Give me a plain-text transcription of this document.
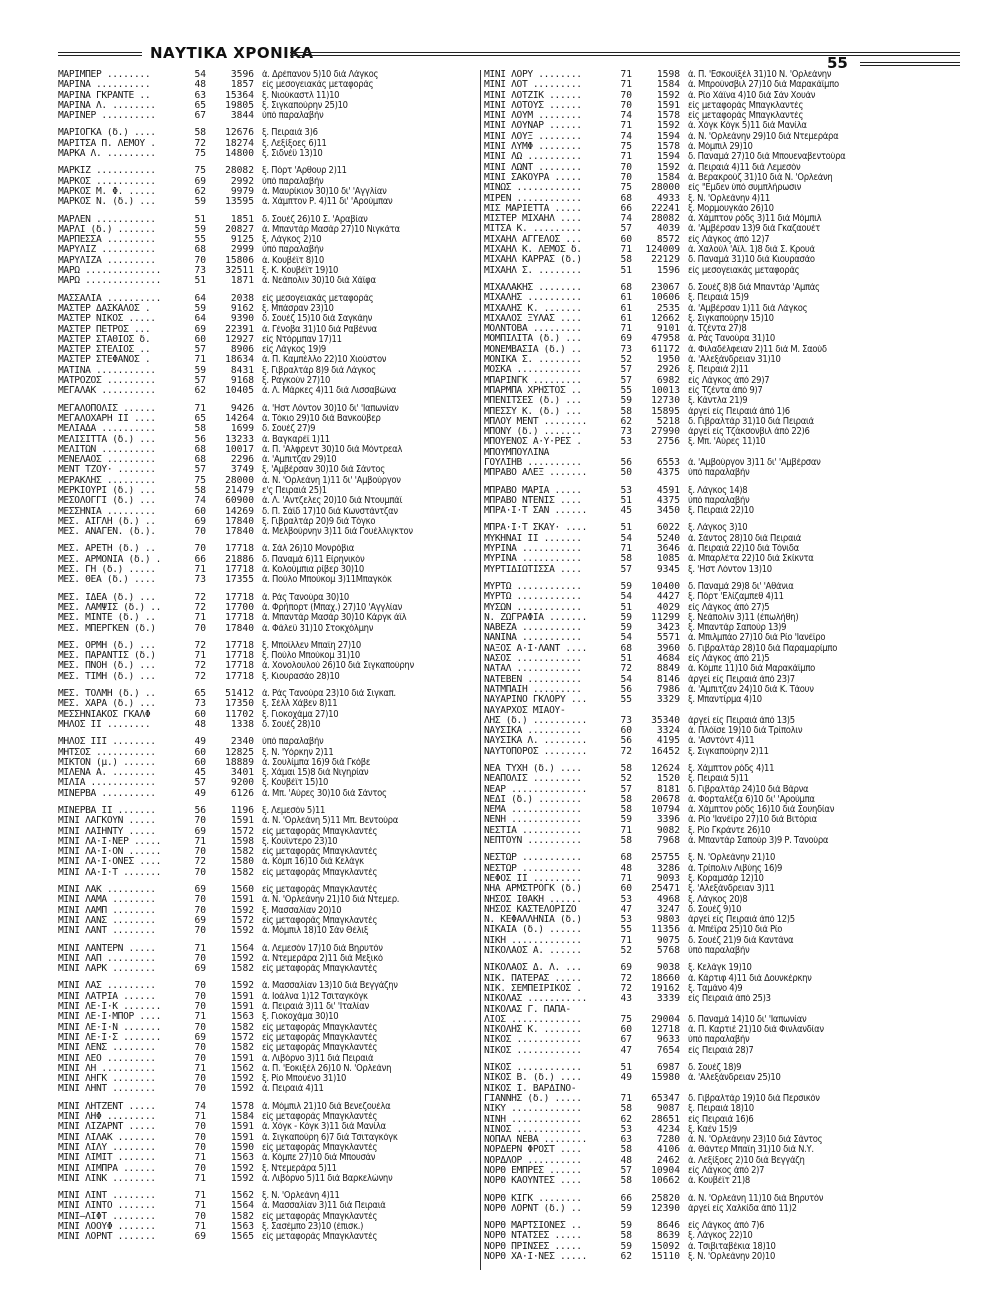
ΝΑΥΤΙΚΑ ΧΡΟΝΙΚΑ
55
ΜΑΡΙΜΠΕΡ ........	54	3596 ά. Δρέπανον 5)10 διά Λάγκος
ΜΑΡΙΝΑ ..........	48	1857 είς μεσογειακάς μεταφοράς
ΜΑΡΙΝΑ ΓΚΡΑΝΤΕ ..	63	15364 ξ. Νιούκαστλ 11)10
ΜΑΡΙΝΑ Λ. ........	65	19805 ξ. Σιγκαπούρην 25)10
ΜΑΡΙΝΕΡ ..........	67	3844 ύπό παραλαβήν
ΜΑΡΙΟΓΚΑ (δ.) ....	58	12676 ξ. Πειραιά 3)6
ΜΑΡΙΤΣΑ Π. ΛΕΜΟΥ .	72	18274 ξ. Λεξίξοες 6)11
ΜΑΡΚΑ Λ. .........	75	14800 ξ. Σιδνέϋ 13)10
ΜΑΡΚΙΖ ...........	75	28082 ξ. Πόρτ 'Αρθουρ 2)11
ΜΑΡΚΟΣ ...........	69	2992 ύπό παραλαβήν
ΜΑΡΚΟΣ Μ. Φ. .....	62	9979 ά. Μαυρίκιον 30)10 δι' 'Αγγλίαν
ΜΑΡΚΟΣ Ν. (δ.) ...	59	13595 ά. Χάμπτον Ρ. 4)11 δι' 'Αρούμπαν
ΜΑΡΛΕΝ ...........	51	1851 δ. Σουέζ 26)10 Σ. 'Αραβίαν
ΜΑΡΛΙ (δ.) .......	59	20827 ά. Μπαντάρ Μασάρ 27)10 Νιγκάτα
ΜΑΡΠΕΣΣΑ .........	55	9125 ξ. Λάγκος 2)10
ΜΑΡΥΛΙΖ ..........	68	2999 ύπό παραλαβήν
ΜΑΡΥΛΙΖΑ .........	70	15806 ά. Κουβέϊτ 8)10
ΜΑΡΩ ..............	73	32511 ξ. Κ. Κουβέϊτ 19)10
ΜΑΡΩ ..............	51	1871 ά. Νεάπολιν 30)10 διά Χάϊφα
ΜΑΣΣΑΛΙΑ ..........	64	2038 είς μεσογειακάς μεταφοράς
ΜΑΣΤΕΡ ΔΑΣΚΑΛΟΣ .	59	9162 ξ. Μπάσραν 23)10
ΜΑΣΤΕΡ ΝΙΚΟΣ .....	64	9390 δ. Σουέζ 15)10 διά Σαγκάην
ΜΑΣΤΕΡ ΠΕΤΡΟΣ ...	69	22391 ά. Γένοβα 31)10 διά Ραβέννα
ΜΑΣΤΕΡ ΣΤΑΘΙΟΣ δ.	60	12927 είς Ντόρμπαν 17)11
ΜΑΣΤΕΡ ΣΤΕΛΙΟΣ ..	57	8906 είς Λάγκος 19)9
ΜΑΣΤΕΡ ΣΤΕΦΑΝΟΣ .	71	18634 ά. Π. Καμπέλλο 22)10 Χιούστον
ΜΑΤΙΝΑ ...........	59	8431 ξ. Γιβραλτάρ 8)9 διά Λάγκος
ΜΑΤΡΟΖΟΣ .........	57	9168 ξ. Ραγκούν 27)10
ΜΕΓΑΛΑΚ ..........	62	10405 ά. Λ. Μάρκες 4)11 διά Λισσαβώνα
ΜΕΓΑΛΟΠΟΛΙΣ ......	71	9426 ά. 'Ηστ Λόντον 30)10 δι' 'Ιαπωνίαν
ΜΕΓΑΛΟΧΑΡΗ ΙΙ ....	65	14264 ά. Τόκιο 29)10 διά Βανκούβερ
ΜΕΛΙΑΔΑ ..........	58	1699 δ. Σουέζ 27)9
ΜΕΛΙΣΙΤΤΑ (δ.) ...	56	13233 ά. Βαγκαρέϊ 1)11
ΜΕΛΙΤΩΝ ..........	68	10017 ά. Π. 'Αλφρεντ 30)10 διά Μόντρεαλ
ΜΕΝΕΛΑΟΣ .........	68	2296 ά. 'Αμπιτζαν 29)10
ΜΕΝΤ ΤΖΟΥ· .......	57	3749 ξ. 'Αμβέρσαν 30)10 διά Σάντος
ΜΕΡΑΚΛΗΣ .........	75	28000 ά. Ν. 'Ορλεάνη 1)11 δι' 'Αμβούργον
ΜΕΡΚΙΟΥΡΙ (δ.) ...	58	21479 ε'ς Πειραιά 25)1
ΜΕΣΟΛΟΓΓΙ (δ.) ...	74	60900 ά. Λ. 'Αντζελες 20)10 διά Ντουμπάϊ
ΜΕΣΣΗΝΙΑ .........	60	14269 δ. Π. Σάϊδ 17)10 διά Κωνστάντζαν
ΜΕΣ. ΑΙΓΛΗ (δ.) ..	69	17840 ξ. Γιβραλτάρ 20)9 διά Τόγκο
ΜΕΣ. ΑΝΑΓΕΝ. (δ.).	70	17840 ά. Μελβούρνην 3)11 διά Γουέλλιγκτον
ΜΕΣ. ΑΡΕΤΗ (δ.) ..	70	17718 ά. Σάλ 26)10 Μονρόβια
ΜΕΣ. ΑΡΜΟΝΙΑ (δ.) .	66	21886 δ. Παναμά 6)11 Είρηνικόν
ΜΕΣ. ΓΗ (δ.) .....	71	17718 ά. Κολούμπια ρίβερ 30)10
ΜΕΣ. ΘΕΑ (δ.) ....	73	17355 ά. Πούλο Μπούκομ 3)11Μπαγκόκ
ΜΕΣ. ΙΔΕΑ (δ.) ...	72	17718 ά. Ράς Τανούρα 30)10
ΜΕΣ. ΛΑΜΨΙΣ (δ.) ..	72	17700 ά. Φρήπορτ (Μπαχ.) 27)10 'Αγγλίαν
ΜΕΣ. ΜΙΝΤΕ (δ.) ..	71	17718 ά. Μπαντάρ Μασάρ 30)10 Κάργκ άϊλ
ΜΕΣ. ΜΠΕΡΓΚΕΝ (δ.)	70	17840 ά. Φάλεϋ 31)10 Στοκχόλμην
ΜΕΣ. ΟΡΜΗ (δ.) ...	72	17718 ξ. Μποΐλλεν Μπαϊη 27)10
ΜΕΣ. ΠΑΡΑΝΤΙΣ (δ.)	71	17718 ξ. Πούλο Μπούκομ 31)10
ΜΕΣ. ΠΝΟΗ (δ.) ...	72	17718 ά. Χονολουλού 26)10 διά Σιγκαπούρην
ΜΕΣ. ΤΙΜΗ (δ.) ...	72	17718 ξ. Κιουρασάο 28)10
ΜΕΣ. ΤΟΛΜΗ (δ.) ..	65	51412 ά. Ράς Τανούρα 23)10 διά Σιγκαπ.
ΜΕΣ. ΧΑΡΑ (δ.) ...	73	17350 ξ. Σέλλ Χάβεν 8)11
ΜΕΣΣΗΝΙΑΚΟΣ ΓΚΑΛΦ	60	11702 ξ. Γιοκοχάμα 27)10
ΜΗΛΟΣ ΙΙ ........	48	1338 δ. Σουέζ 28)10
ΜΗΛΟΣ ΙΙΙ ........	49	2340 ύπό παραλαβήν
ΜΗΤΣΟΣ ...........	60	12825 ξ. Ν. 'Υόρκην 2)11
ΜΙΚΤΟΝ (μ.) ......	60	18889 ά. Σουλίμπα 16)9 διά Γκόβε
ΜΙΛΕΝΑ Α. ........	45	3401 ξ. Χάμαι 15)8 διά Νιγηρίαν
ΜΙΛΙΑ ............	57	9200 ξ. Κουβέϊτ 15)10
ΜΙΝΕΡΒΑ ..........	49	6126 ά. Μπ. 'Αύρες 30)10 διά Σάντος
ΜΙΝΕΡΒΑ ΙΙ .......	56	1196 ξ. Λεμεσόν 5)11
ΜΙΝΙ ΛΑΓΚΟΥΝ .....	70	1591 ά. Ν. 'Ορλεάνη 5)11 Μπ. Βεντούρα
ΜΙΝΙ ΛΑΙΗΝΤΥ .....	69	1572 είς μεταφοράς Μπαγκλαντές
ΜΙΝΙ ΛΑ·Ι·ΝΕΡ .....	71	1598 ξ. Κουϊντερο 23)10
ΜΙΝΙ ΛΑ·Ι·ΟΝ ......	70	1582 είς μεταφοράς Μπαγκλαντές
ΜΙΝΙ ΛΑ·Ι·ΟΝΕΣ ....	72	1580 ά. Κόμπ 16)10 διά Κελάγκ
ΜΙΝΙ ΛΑ·Ι·Τ .......	70	1582 είς μεταφοράς Μπαγκλαντές
ΜΙΝΙ ΛΑΚ .........	69	1560 είς μεταφοράς Μπαγκλαντές
ΜΙΝΙ ΛΑΜΑ ........	70	1591 ά. Ν. 'Ορλεάνην 21)10 διά Ντεμερ.
ΜΙΝΙ ΛΑΜΠ ........	70	1592 ξ. Μασσαλίαν 20)10
ΜΙΝΙ ΛΑΝΣ ........	69	1572 είς μεταφοράς Μπαγκλαντές
ΜΙΝΙ ΛΑΝΤ ........	70	1592 ά. Μόμπιλ 18)10 Σάν Θέλιξ
ΜΙΝΙ ΛΑΝΤΕΡΝ .....	71	1564 ά. Λεμεσόν 17)10 διά Βηρυτόν
ΜΙΝΙ ΛΑΠ .........	70	1592 ά. Ντεμεράρα 2)11 διά Μεξικό
ΜΙΝΙ ΛΑΡΚ ........	69	1582 είς μεταφοράς Μπαγκλαντές
ΜΙΝΙ ΛΑΣ .........	70	1592 ά. Μασσαλίαν 13)10 διά Βεγγάζην
ΜΙΝΙ ΛΑΤΡΙΑ ......	70	1591 ά. Ιοάλνα 1)12 Τσιταγκόγκ
ΜΙΝΙ ΛΕ·Ι·Κ .......	70	1591 ά. Πειραιά 3)11 δι' 'Ιταλίαν
ΜΙΝΙ ΛΕ·Ι·ΜΠΟΡ ....	71	1563 ξ. Γιοκοχάμα 30)10
ΜΙΝΙ ΛΕ·Ι·Ν .......	70	1582 είς μεταφοράς Μπαγκλαντές
ΜΙΝΙ ΛΕ·Ι·Σ .......	69	1572 είς μεταφοράς Μπαγκλαντές
ΜΙΝΙ ΛΕΝΣ ........	70	1582 είς μεταφοράς Μπαγκλαντές
ΜΙΝΙ ΛΕΟ .........	70	1591 ά. Λιβόρνο 3)11 διά Πειραιά
ΜΙΝΙ ΛΗ ..........	71	1562 ά. Π. 'Εοκιξέλ 26)10 Ν. 'Ορλεάνη
ΜΙΝΙ ΛΗΓΚ ........	70	1592 ξ. Ρίο Μπουένο 31)10
ΜΙΝΙ ΛΗΝΤ ........	70	1592 ά. Πειραιά 4)11
ΜΙΝΙ ΛΗΤΖΕΝΤ .....	74	1578 ά. Μόμπιλ 21)10 διά Βενεζουέλα
ΜΙΝΙ ΛΗΦ .........	71	1584 είς μεταφοράς Μπαγκλαντές
ΜΙΝΙ ΛΙΖΑΡΝΤ .....	70	1591 ά. Χόγκ - Κόγκ 3)11 διά Μανίλα
ΜΙΝΙ ΛΙΛΑΚ .......	70	1591 ά. Σιγκαπούρη 6)7 διά Τσιταγκόγκ
ΜΙΝΙ ΛΙΛΥ ........	70	1590 είς μεταφοράς Μπαγκλαντές
ΜΙΝΙ ΛΙΜΙΤ .......	71	1563 ά. Κόμπε 27)10 διά Μπουσάν
ΜΙΝΙ ΛΙΜΠΡΑ ......	70	1592 ξ. Ντεμεράρα 5)11
ΜΙΝΙ ΛΙΝΚ ........	71	1592 ά. Λιβόρνο 5)11 διά Βαρκελώνην
ΜΙΝΙ ΛΙΝΤ ........	71	1562 ξ. Ν. 'Ορλεάνη 4)11
ΜΙΝΙ ΛΙΝΤΟ .......	71	1564 ά. Μασσαλίαν 3)11 διά Πειραιά
ΜΙΝΙ—ΛΙΦΤ ........	70	1582 είς μεταφοράς Μπαγκλαντές
ΜΙΝΙ ΛΟΟΥΦ .......	71	1563 ξ. Σασέμπο 23)10 (έπισκ.)
ΜΙΝΙ ΛΟΡΝΤ .......	69	1565 είς μεταφοράς Μπαγκλαντές
ΜΙΝΙ ΛΟΡΥ ........	71	1598 ά. Π. 'Εσκουϊξέλ 31)10 Ν. 'Ορλεάνην
ΜΙΝΙ ΛΟΤ .........	71	1584 ά. Μπρούνσβιλ 27)10 διά Μαρακάϊμπο
ΜΙΝΙ ΛΟΤΖΙΚ ......	70	1592 ά. Ρίο Χάϊνα 4)10 διά Σάν Χουάν
ΜΙΝΙ ΛΟΤΟΥΣ ......	70	1591 είς μεταφοράς Μπαγκλαντές
ΜΙΝΙ ΛΟΥΜ ........	74	1578 είς μεταφοράς Μπαγκλαντές
ΜΙΝΙ ΛΟΥΝΑΡ ......	71	1592 ά. Χόγκ Κόγκ 5)11 διά Μανίλα
ΜΙΝΙ ΛΟΥΞ ........	74	1594 ά. Ν. 'Ορλεάνην 29)10 διά Ντεμεράρα
ΜΙΝΙ ΛΥΜΦ ........	75	1578 ά. Μόμπιλ 29)10
ΜΙΝΙ ΛΩ ..........	71	1594 δ. Παναμά 27)10 διά Μπουεναβεντούρα
ΜΙΝΙ ΛΩΝΤ ........	70	1592 ά. Πειραιά 4)11 διά Λεμεσόν
ΜΙΝΙ ΣΑΚΟΥΡΑ .....	70	1584 ά. Βερακρούζ 31)10 διά Ν. 'Ορλεάνη
ΜΙΝΩΣ ............	75	28000 είς "Εμδεν ύπό συμπλήρωσιν
ΜΙΡΕΝ ............	68	4933 ξ. Ν. 'Ορλεάνην 4)11
ΜΙΣ ΜΑΡΙΕΤΤΑ .....	66	22241 ξ. Μορμουγκάο 26)10
ΜΙΣΤΕΡ ΜΙΧΑΗΛ ....	74	28082 ά. Χάμπτον ρόδς 3)11 διά Μόμπιλ
ΜΙΤΣΑ Κ. .........	57	4039 ά. 'Αμβέρσαν 13)9 διά Γκαζαουέτ
ΜΙΧΑΗΛ ΑΓΓΕΛΟΣ ...	60	8572 είς Λάγκος άπό 12)7
ΜΙΧΑΗΛ Κ. ΛΕΜΟΣ δ.	71	124009 ά. Χαλούλ 'Αϊλ. 1)8 διά Σ. Κρουά
ΜΙΧΑΗΛ ΚΑΡΡΑΣ (δ.)	58	22129 δ. Παναμά 31)10 διά Κιουρασάο
ΜΙΧΑΗΛ Σ. ........	51	1596 είς μεσογειακάς μεταφοράς
ΜΙΧΑΛΑΚΗΣ ........	68	23067 δ. Σουέζ 8)8 διά Μπαντάρ 'Αμπάς
ΜΙΧΑΛΗΣ ..........	61	10606 ξ. Πειραιά 15)9
ΜΙΧΑΛΗΣ Κ. .......	61	2535 ά. 'Αμβέρσαν 1)11 διά Λάγκος
ΜΙΧΑΛΟΣ ΞΥΛΑΣ ....	61	12662 ξ. Σιγκαπούρην 15)10
ΜΟΛΝΤΟΒΑ .........	71	9101 ά. Τζέντα 27)8
ΜΟΜΠΙΛΙΤΑ (δ.) ...	69	47958 ά. Ράς Τανούρα 31)10
ΜΟΝΕΜΒΑΣΙΑ (δ.) ..	73	61172 ά. Φιλαδέλφειαν 2)11 διά Μ. Σαούδ
ΜΟΝΙΚΑ Σ. ........	52	1950 ά. 'Αλεξάνδρειαν 31)10
ΜΟΣΚΑ ............	57	2926 ξ. Πειραιά 2)11
ΜΠΑΡΙΝΓΚ .........	57	6982 είς Λάγκος άπό 29)7
ΜΠΑΡΜΠΑ ΧΡΗΣΤΟΣ ..	55	10013 είς Τζέντα άπό 9)7
ΜΠΕΝΙΤΣΕΣ (δ.) ...	59	12730 ξ. Κάντλα 21)9
ΜΠΕΣΣΥ Κ. (δ.) ...	58	15895 άργεί είς Πειραιά άπό 1)6
ΜΠΛΟΥ ΜΕΝΤ ........	62	5218 δ. Γιβραλτάρ 31)10 διά Πειραιά
ΜΠΟΝΥ (δ.) .......	73	27990 άργεί είς Τζάκσονβιλ άπό 22)6
ΜΠΟΥΕΝΟΣ Α·Υ·ΡΕΣ .	53	2756 ξ. Μπ. 'Αύρες 11)10
ΜΠΟΥΜΠΟΥΛΙΝΑ
ΓΟΥΛΙΗΒ ..........	56	6553 ά. 'Αμβούργον 3)11 δι' 'Αμβέρσαν
ΜΠΡΑΒΟ ΑΛΕΞ .......	50	4375 ύπό παραλαβήν
ΜΠΡΑΒΟ ΜΑΡΙΑ .....	53	4591 ξ. Λάγκος 14)8
ΜΠΡΑΒΟ ΝΤΕΝΙΣ ....	51	4375 ύπό παραλαβήν
ΜΠΡΑ·Ι·Τ ΣΑΝ ......	45	3450 ξ. Πειραιά 22)10
ΜΠΡΑ·Ι·Τ ΣΚΑΥ· ....	51	6022 ξ. Λάγκος 3)10
ΜΥΚΗΝΑΙ ΙΙ .......	54	5240 ά. Σάντος 28)10 διά Πειραιά
ΜΥΡΙΝΑ ...........	71	3646 ά. Πειραιά 22)10 διά Τόνιδα
ΜΥΡΙΝΑ ...........	58	1085 ά. Μπαρλέτα 22)10 διά Σκίκντα
ΜΥΡΤΙΔΙΩΤΙΣΣΑ ....	57	9345 ξ. 'Ηστ Λόντον 13)10
ΜΥΡΤΩ ............	59	10400 δ. Παναμά 29)8 δι' 'Αθάνια
ΜΥΡΤΩ ............	54	4427 ξ. Πόρτ 'Ελίζαμπεθ 4)11
ΜΥΣΩΝ ............	51	4029 είς Λάγκος άπό 27)5
Ν. ΖΩΓΡΑΦΙΑ .......	59	11299 ξ. Νεάπολιν 3)11 (έπωλήθη)
ΝΑΒΕΖΑ ...........	59	3423 ξ. Μπαντάρ Σαπούρ 13)9
ΝΑΝΙΝΑ ...........	54	5571 ά. Μπιλμπάο 27)10 διά Ρίο 'Ιανέϊρο
ΝΑΞΟΣ Α·Ι·ΛΑΝΤ ....	68	3960 δ. Γιβραλτάρ 28)10 διά Παραμαρίμπο
ΝΑΣΟΣ ............	51	4684 είς Λάγκος άπό 21)5
ΝΑΤΑΛ ............	72	8849 ά. Κόμπε 11)10 διά Μαρακάϊμπο
ΝΑΤΕΒΕΝ ..........	54	8146 άργεί είς Πειραιά άπό 23)7
ΝΑΤΜΠΑΙΗ .........	56	7986 ά. 'Αμπιτζαν 24)10 διά Κ. Τάουν
ΝΑΥΑΡΙΝΟ ΓΚΛΟΡΥ ...	55	3329 ξ. Μπαντίρμα 4)10
ΝΑΥΑΡΧΟΣ ΜΙΑΟΥ-
ΛΗΣ (δ.) ..........	73	35340 άργεί είς Πειραιά άπό 13)5
ΝΑΥΣΙΚΑ ..........	60	3324 ά. Πλόϊσε 19)10 διά Τρίπολιν
ΝΑΥΣΙΚΑ Λ. ........	56	4195 ά. 'Ασντόντ 4)11
ΝΑΥΤΟΠΟΡΟΣ ........	72	16452 ξ. Σιγκαπούρην 2)11
ΝΕΑ ΤΥΧΗ (δ.) ....	58	12624 ξ. Χάμπτον ρόδς 4)11
ΝΕΑΠΟΛΙΣ .........	52	1520 ξ. Πειραιά 5)11
ΝΕΑΡ ..............	57	8181 δ. Γιβραλτάρ 24)10 διά Βάρνα
ΝΕΔΙ (δ.) ........	58	20678 ά. Φορταλέζα 6)10 δι' 'Αρούμπα
ΝΕΜΑ .............	58	10794 ά. Χάμπτον ρόδς 16)10 διά Σουηδίαν
ΝΕΝΗ .............	59	3396 ά. Ρίο 'Ιανέϊρο 27)10 διά Βιτόρια
ΝΕΣΤΙΑ ...........	71	9082 ξ. Ρίο Γκράντε 26)10
ΝΕΠΤΟΥΝ ..........	58	7968 ά. Μπαντάρ Σαπούρ 3)9 Ρ. Τανούρα
ΝΕΣΤΩΡ ...........	68	25755 ξ. Ν. 'Ορλεάνην 21)10
ΝΕΣΤΩΡ ...........	48	3286 ά. Τρίπολιν Λιβύης 16)9
ΝΕΦΟΣ ΙΙ .........	71	9093 ξ. Κοραμσάρ 12)10
ΝΗΑ ΑΡΜΣΤΡΟΓΚ (δ.)	60	25471 ξ. 'Αλεξάνδρειαν 3)11
ΝΗΣΟΣ ΙΘΑΚΗ ......	53	4968 ξ. Λάγκος 20)8
ΝΗΣΟΣ ΚΑΣΤΕΛΟΡΙΖΟ	47	3247 δ. Σουέζ 9)10
Ν. ΚΕΦΑΛΛΗΝΙΑ (δ.)	53	9803 άργεί είς Πειραιά άπό 12)5
ΝΙΚΑΙΑ (δ.) ......	55	11356 ά. Μπέϊρα 25)10 διά Ρίο
ΝΙΚΗ .............	71	9075 δ. Σουέζ 21)9 διά Καντάνα
ΝΙΚΟΛΑΟΣ Α. ......	52	5768 ύπό παραλαβήν
ΝΙΚΟΛΑΟΣ Δ. Λ. ...	69	9038 ξ. Κελάγκ 19)10
ΝΙΚ. ΠΑΤΕΡΑΣ .....	72	18660 ά. Κάρτιφ 4)11 διά Δουνκέρκην
ΝΙΚ. ΣΕΜΠΕΙΡΙΚΟΣ .	72	19162 ξ. Ταμάνο 4)9
ΝΙΚΟΛΑΣ ...........	43	3339 είς Πειραιά άπό 25)3
ΝΙΚΟΛΑΣ Γ. ΠΑΠΑ-
ΛΙΟΣ .............	75	29004 δ. Παναμά 14)10 δι' 'Ιαπωνίαν
ΝΙΚΟΛΗΣ Κ. .......	60	12718 ά. Π. Καρτιέ 21)10 διά Φινλανδίαν
ΝΙΚΟΣ ............	67	9633 ύπό παραλαβήν
ΝΙΚΟΣ ............	47	7654 είς Πειραιά 28)7
ΝΙΚΟΣ ............	51	6987 δ. Σουέζ 18)9
ΝΙΚΟΣ Β. (δ.) ....	49	15980 ά. 'Αλεξάνδρειαν 25)10
ΝΙΚΟΣ Ι. ΒΑΡΔΙΝΟ-
ΓΙΑΝΝΗΣ (δ.) .....	71	65347 δ. Γιβραλτάρ 19)10 διά Περσικόν
ΝΙΚΥ .............	58	9087 ξ. Πειραιά 18)10
ΝΙΝΗ .............	62	28651 είς Πειραιά 16)6
ΝΙΝΟΣ ............	53	4234 ξ. Καέν 15)9
ΝΟΠΑΛ ΝΕΒΑ ........	63	7280 ά. Ν. 'Ορλεάνην 23)10 διά Σάντος
ΝΟΡΔΕΡΝ ΦΡΟΣΤ ....	58	4106 ά. Θάντερ Μπαϊη 31)10 διά Ν.Υ.
ΝΟΡΔΛΟΡ ..........	48	2462 ά. Λεξίξοες 2)10 διά Βεγγάζη
ΝΟΡΘ ΕΜΠΡΕΣ ......	57	10904 είς Λάγκος άπό 2)7
ΝΟΡΘ ΚΑΟΥΝΤΕΣ ....	58	10662 ά. Κουβέϊτ 21)8
ΝΟΡΘ ΚΙΓΚ ........	66	25820 ά. Ν. 'Ορλεάνη 11)10 διά Βηρυτόν
ΝΟΡΘ ΛΟΡΝΤ (δ.) ..	59	12390 άργεί είς Χαλκίδα άπό 11)2
ΝΟΡΘ ΜΑΡΤΣΙΟΝΕΣ ..	59	8646 είς Λάγκος άπό 7)6
ΝΟΡΘ ΝΤΑΤΣΕΣ .....	58	8639 ξ. Λάγκος 22)10
ΝΟΡΘ ΠΡΙΝΣΕΣ .....	59	15092 ά. Τσιβιταβέκια 18)10
ΝΟΡΘ ΧΑ·Ι·ΝΕΣ .....	62	15110 ξ. Ν. 'Ορλεάνην 20)10
